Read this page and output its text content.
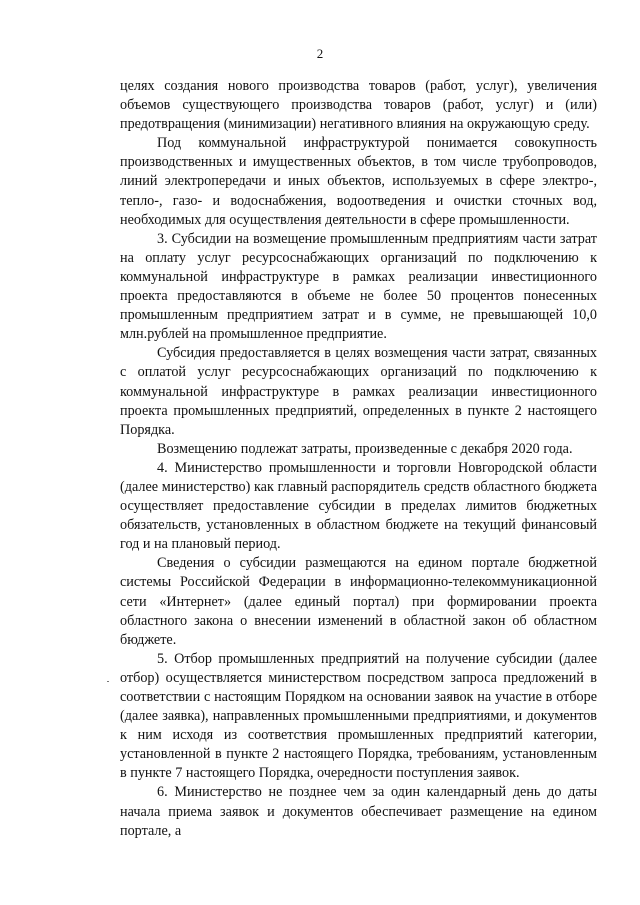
2

целях создания нового производства товаров (работ, услуг), увеличения объемов существующего производства товаров (работ, услуг) и (или) предотвращения (минимизации) негативного влияния на окружающую среду.

Под коммунальной инфраструктурой понимается совокупность производственных и имущественных объектов, в том числе трубопроводов, линий электропередачи и иных объектов, используемых в сфере электро-, тепло-, газо- и водоснабжения, водоотведения и очистки сточных вод, необходимых для осуществления деятельности в сфере промышленности.

3. Субсидии на возмещение промышленным предприятиям части затрат на оплату услуг ресурсоснабжающих организаций по подключению к коммунальной инфраструктуре в рамках реализации инвестиционного проекта предоставляются в объеме не более 50 процентов понесенных промышленным предприятием затрат и в сумме, не превышающей 10,0 млн.рублей на промышленное предприятие.

Субсидия предоставляется в целях возмещения части затрат, связанных с оплатой услуг ресурсоснабжающих организаций по подключению к коммунальной инфраструктуре в рамках реализации инвестиционного проекта промышленных предприятий, определенных в пункте 2 настоящего Порядка.

Возмещению подлежат затраты, произведенные с декабря 2020 года.

4. Министерство промышленности и торговли Новгородской области (далее министерство) как главный распорядитель средств областного бюджета осуществляет предоставление субсидии в пределах лимитов бюджетных обязательств, установленных в областном бюджете на текущий финансовый год и на плановый период.

Сведения о субсидии размещаются на едином портале бюджетной системы Российской Федерации в информационно-телекоммуникационной сети «Интернет» (далее единый портал) при формировании проекта областного закона о внесении изменений в областной закон об областном бюджете.

5. Отбор промышленных предприятий на получение субсидии (далее отбор) осуществляется министерством посредством запроса предложений в соответствии с настоящим Порядком на основании заявок на участие в отборе (далее заявка), направленных промышленными предприятиями, и документов к ним исходя из соответствия промышленных предприятий категории, установленной в пункте 2 настоящего Порядка, требованиям, установленным в пункте 7 настоящего Порядка, очередности поступления заявок.

6. Министерство не позднее чем за один календарный день до даты начала приема заявок и документов обеспечивает размещение на едином портале, а
